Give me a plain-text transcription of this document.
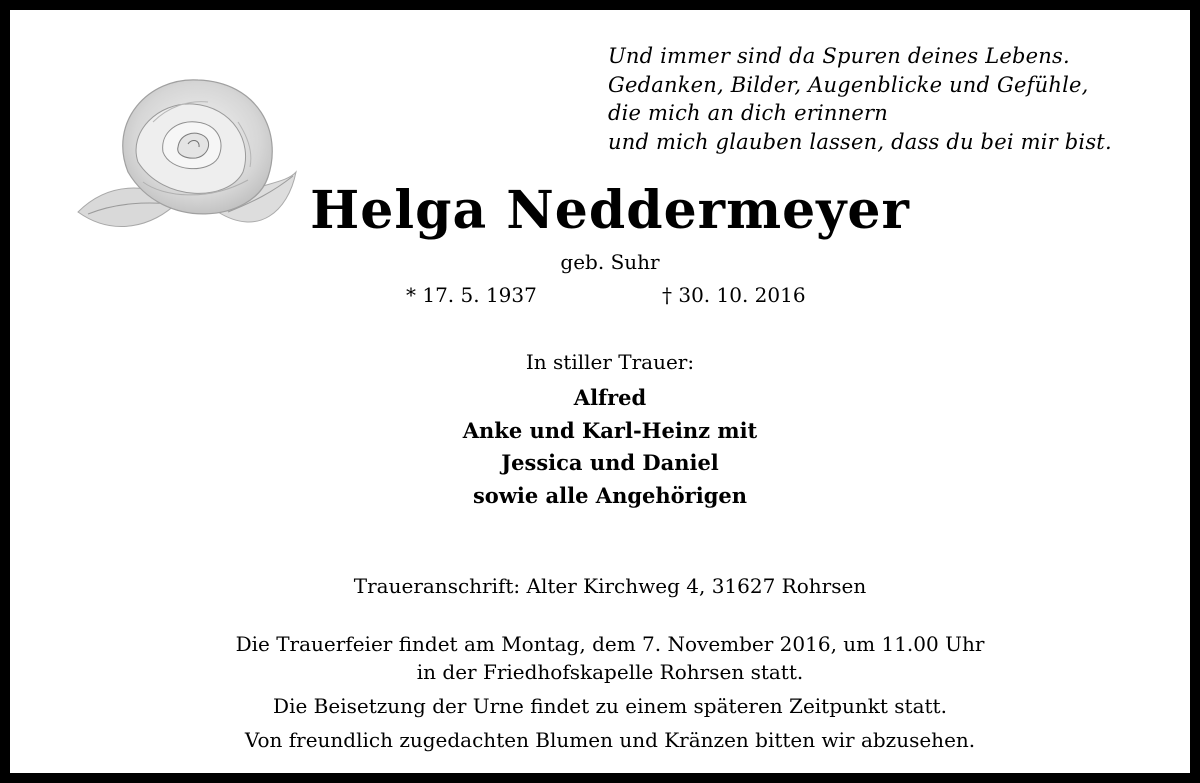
Und immer sind da Spuren deines Lebens.
Gedanken, Bilder, Augenblicke und Gefühle,
die mich an dich erinnern
und mich glauben lassen, dass du bei mir bist.
Helga Neddermeyer
geb. Suhr
* 17. 5. 1937	† 30. 10. 2016
In stiller Trauer:
Alfred
Anke und Karl-Heinz mit
Jessica und Daniel
sowie alle Angehörigen
Traueranschrift: Alter Kirchweg 4, 31627 Rohrsen
Die Trauerfeier findet am Montag, dem 7. November 2016, um 11.00 Uhr
in der Friedhofskapelle Rohrsen statt.
Die Beisetzung der Urne findet zu einem späteren Zeitpunkt statt.
Von freundlich zugedachten Blumen und Kränzen bitten wir abzusehen.
